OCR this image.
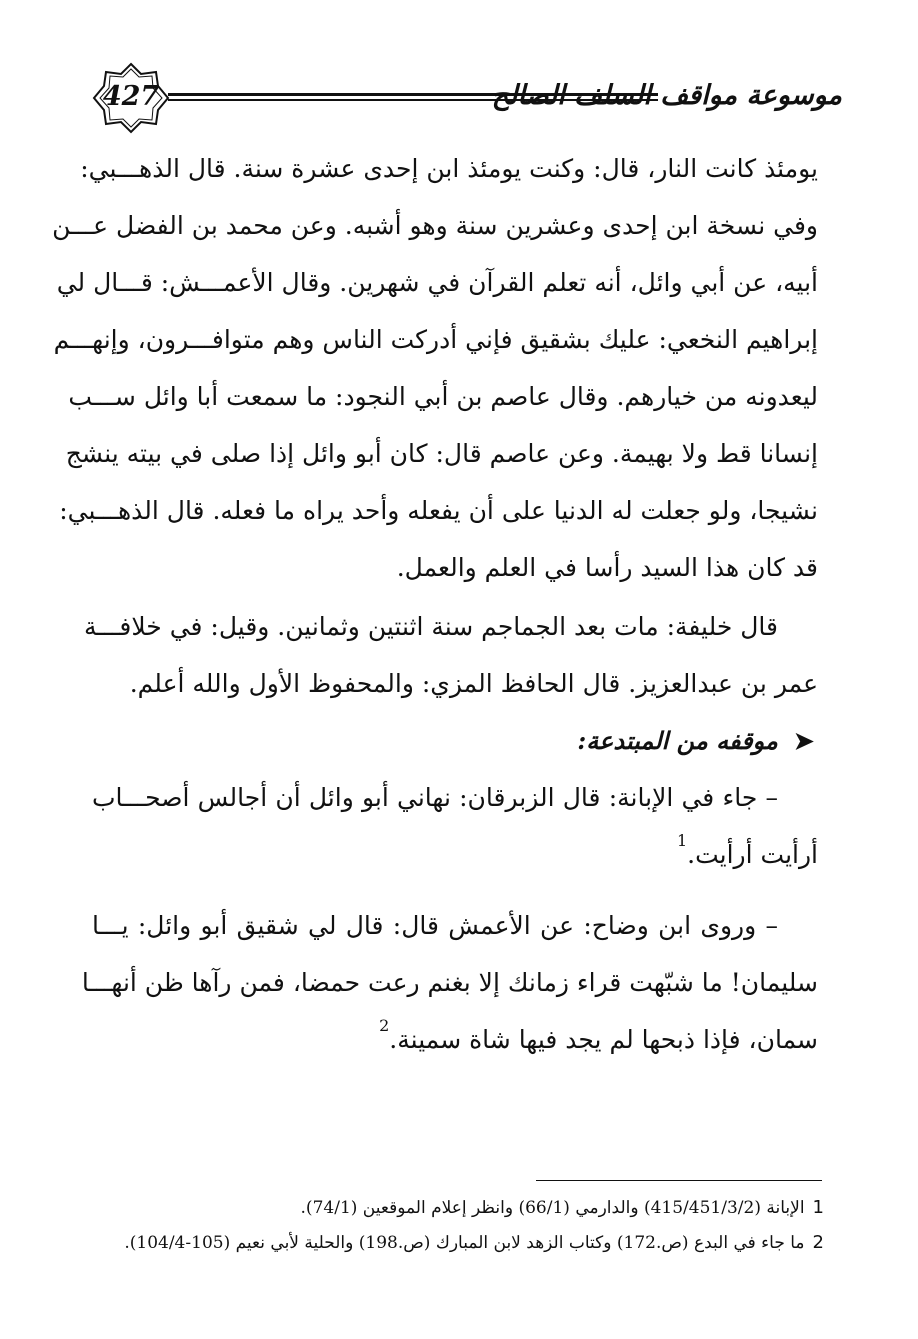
427	موسوعة مواقف السلف الصالح
يومئذ كانت النار، قال: وكنت يومئذ ابن إحدى عشرة سنة. قال الذهـــبي:
وفي نسخة ابن إحدى وعشرين سنة وهو أشبه. وعن محمد بن الفضل عـــن
أبيه، عن أبي وائل، أنه تعلم القرآن في شهرين. وقال الأعمـــش: قـــال لي
إبراهيم النخعي: عليك بشقيق فإني أدركت الناس وهم متوافـــرون، وإنهـــم
ليعدونه من خيارهم. وقال عاصم بن أبي النجود: ما سمعت أبا وائل ســـب
إنسانا قط ولا بهيمة. وعن عاصم قال: كان أبو وائل إذا صلى في بيته ينشج
نشيجا، ولو جعلت له الدنيا على أن يفعله وأحد يراه ما فعله. قال الذهـــبي:
قد كان هذا السيد رأسا في العلم والعمل.
قال خليفة: مات بعد الجماجم سنة اثنتين وثمانين. وقيل: في خلافـــة
عمر بن عبدالعزيز. قال الحافظ المزي: والمحفوظ الأول والله أعلم.
➤موقفه من المبتدعة:
– جاء في الإبانة: قال الزبرقان: نهاني أبو وائل أن أجالس أصحـــاب
أرأيت أرأيت.$^1$
– وروى ابن وضاح: عن الأعمش قال: قال لي شقيق أبو وائل: يـــا
سليمان! ما شبّهت قراء زمانك إلا بغنم رعت حمضا، فمن رآها ظن أنهـــا
سمان، فإذا ذبحها لم يجد فيها شاة سمينة.$^2$
1الإبانة (415/451/3/2) والدارمي (66/1) وانظر إعلام الموقعين (74/1).
2ما جاء في البدع (ص.172) وكتاب الزهد لابن المبارك (ص.198) والحلية لأبي نعيم (105-104/4).
